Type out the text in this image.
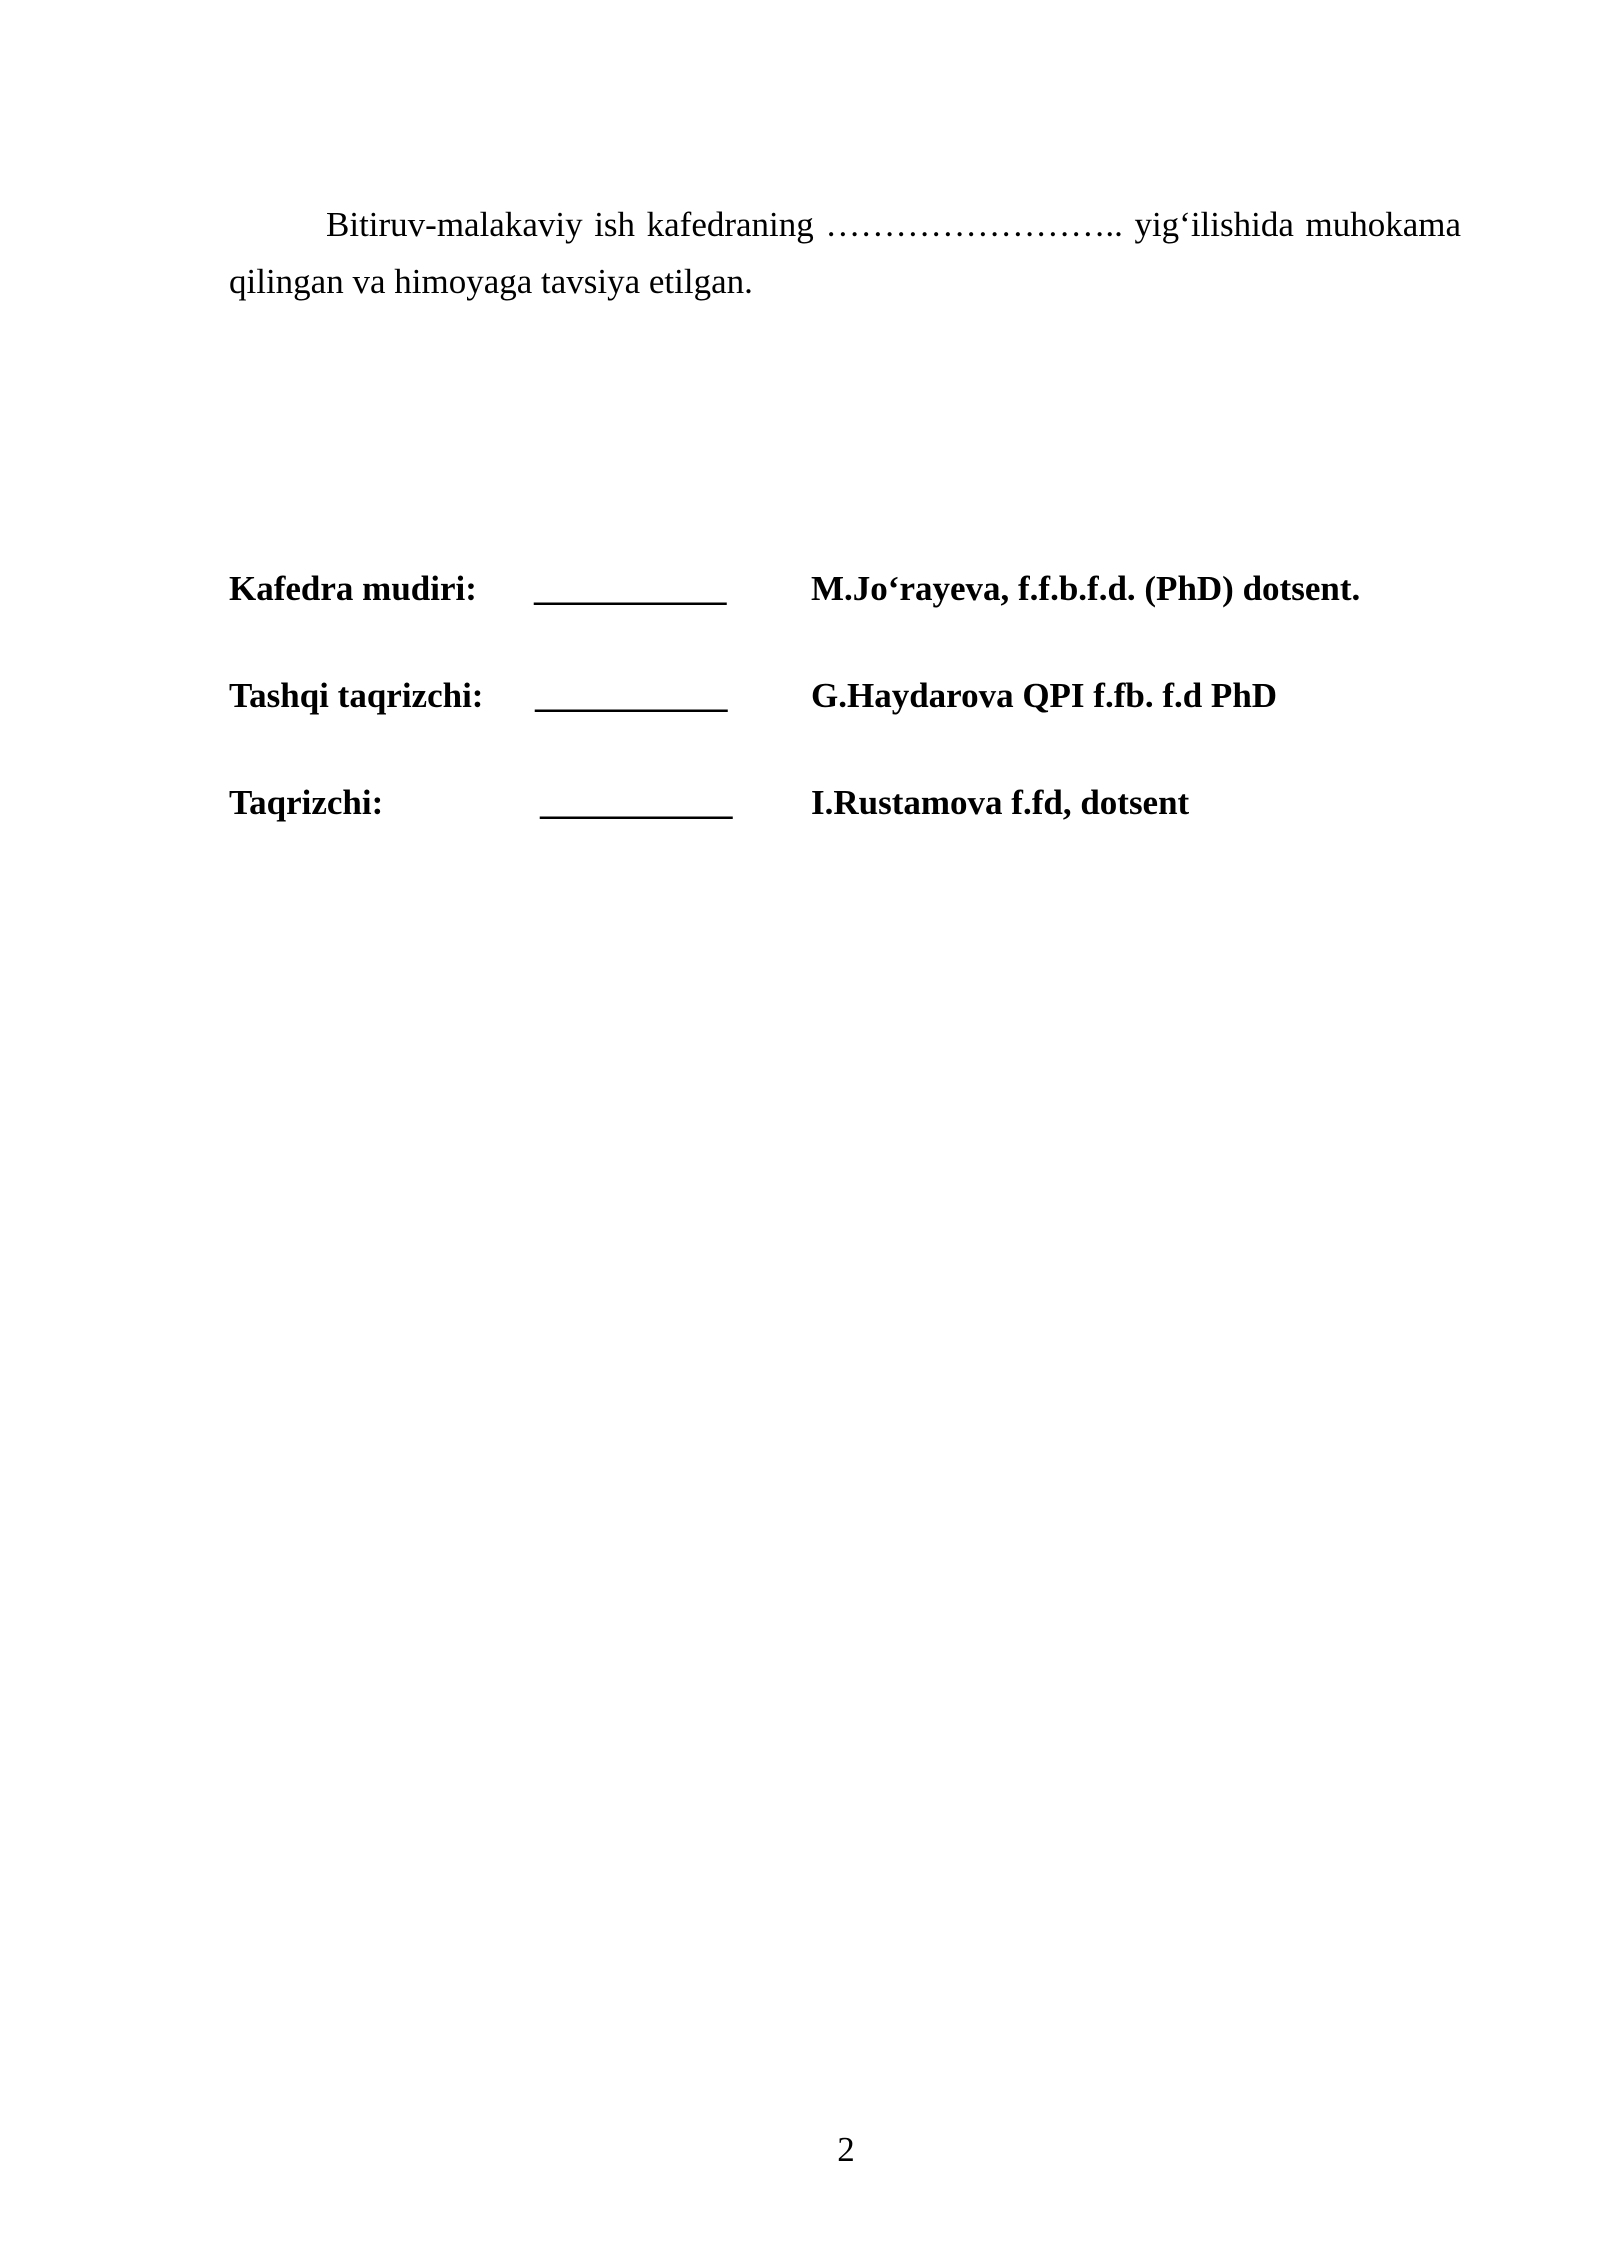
Bitiruv-malakaviy ish kafedraning …………………….. yig‘ilishida muhokama qilingan va himoyaga tavsiya etilgan.

Kafedra mudiri: ___________ M.Jo‘rayeva, f.f.b.f.d. (PhD) dotsent.
Tashqi taqrizchi: ___________ G.Haydarova QPI f.fb. f.d PhD
Taqrizchi:	___________ I.Rustamova f.fd, dotsent
2
